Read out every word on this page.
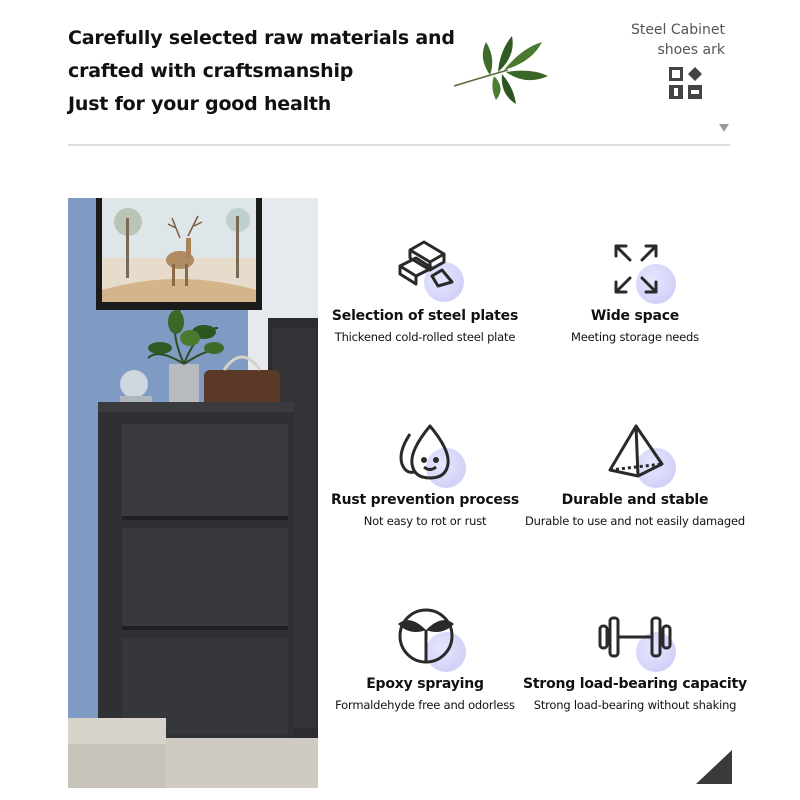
Carefully selected raw materials and
crafted with craftsmanship
Just for your good health
Steel Cabinet
shoes ark
Selection of steel plates
Thickened cold-rolled steel plate
Wide space
Meeting storage needs
Rust prevention process
Not easy to rot or rust
Durable and stable
Durable to use and not easily damaged
Epoxy spraying
Formaldehyde free and odorless
Strong load-bearing capacity
Strong load-bearing without shaking
